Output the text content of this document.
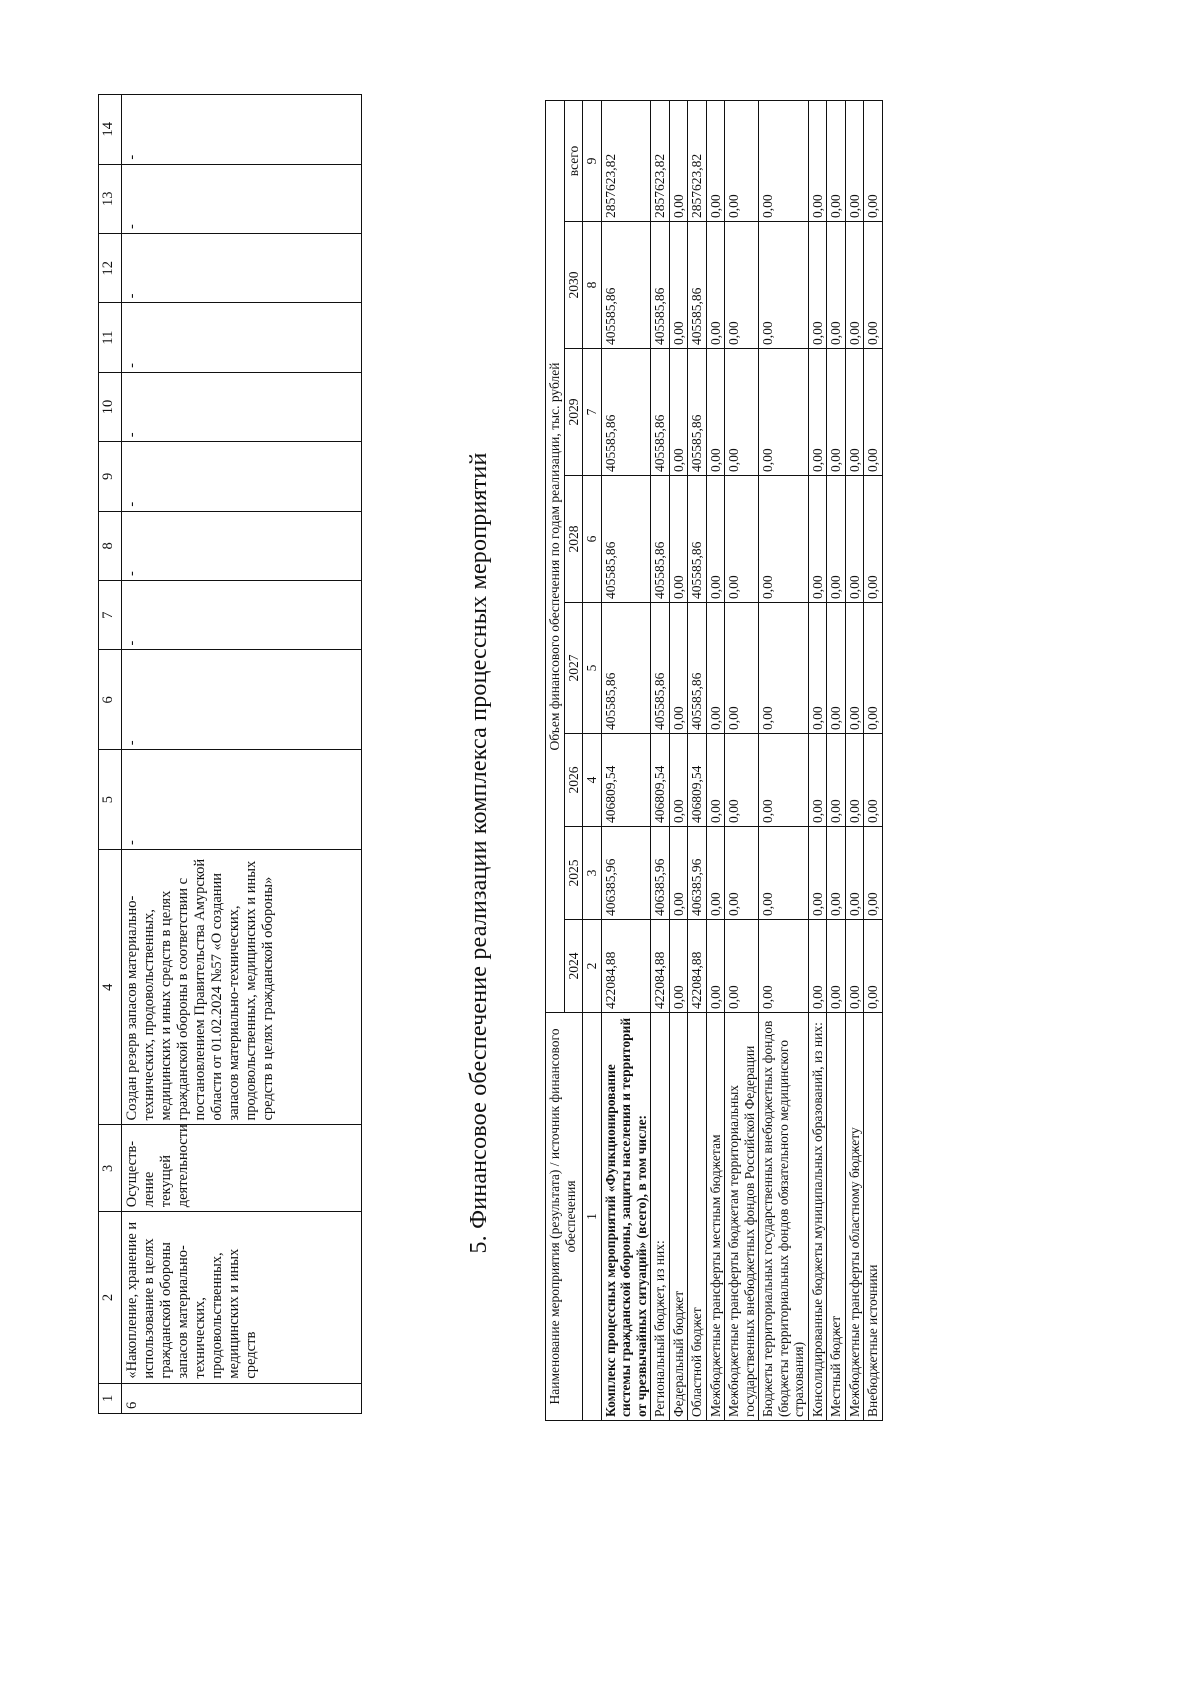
1	2	3	4	5	6	7	8	9	10	11	12	13	14
6	«Накопление, хранение и использование в целях гражданской обороны запасов материально-технических, продовольственных, медицинских и иных средств	Осуществ-ление текущей деятельности	Создан резерв запасов материально-технических, продовольственных, медицинских и иных средств в целях гражданской обороны в соответствии с постановлением Правительства Амурской области от 01.02.2024 №57 «О создании запасов материально-технических, продовольственных, медицинских и иных средств в целях гражданской обороны»	-	-	-	-	-	-	-	-	-	-
5. Финансовое обеспечение реализации комплекса процессных мероприятий	Наименование мероприятия (результата) / источник финансового обеспечения	Объем финансового обеспечения по годам реализации, тыс. рублей							
	2024	2025	2026	2027	2028	2029	2030	всего
1	2	3	4	5	6	7	8	9
Комплекс процессных мероприятий «Функционирование системы гражданской обороны, защиты населения и территорий от чрезвычайных ситуаций» (всего), в том числе:	422084,88	406385,96	406809,54	405585,86	405585,86	405585,86	405585,86	2857623,82
Региональный бюджет, из них:	422084,88	406385,96	406809,54	405585,86	405585,86	405585,86	405585,86	2857623,82
Федеральный бюджет	0,00	0,00	0,00	0,00	0,00	0,00	0,00	0,00
Областной бюджет	422084,88	406385,96	406809,54	405585,86	405585,86	405585,86	405585,86	2857623,82
Межбюджетные трансферты местным бюджетам	0,00	0,00	0,00	0,00	0,00	0,00	0,00	0,00
Межбюджетные трансферты бюджетам территориальных государственных внебюджетных фондов Российской Федерации	0,00	0,00	0,00	0,00	0,00	0,00	0,00	0,00
Бюджеты территориальных государственных внебюджетных фондов (бюджеты территориальных фондов обязательного медицинского страхования)	0,00	0,00	0,00	0,00	0,00	0,00	0,00	0,00
Консолидированные бюджеты муниципальных образований, из них:	0,00	0,00	0,00	0,00	0,00	0,00	0,00	0,00
Местный бюджет	0,00	0,00	0,00	0,00	0,00	0,00	0,00	0,00
Межбюджетные трансферты областному бюджету	0,00	0,00	0,00	0,00	0,00	0,00	0,00	0,00
Внебюджетные источники	0,00	0,00	0,00	0,00	0,00	0,00	0,00	0,00
